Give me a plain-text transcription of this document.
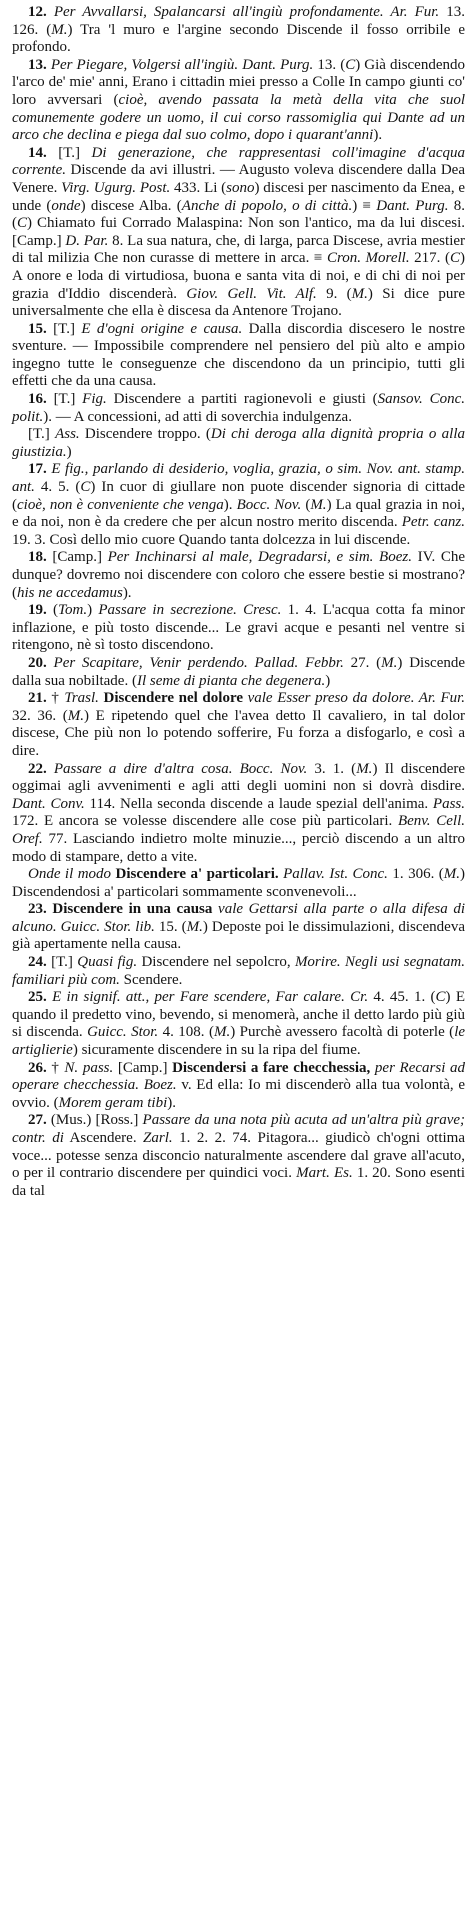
12. Per Avvallarsi, Spalancarsi all'ingiù profondamente. Ar. Fur. 13. 126. (M.) Tra 'l muro e l'argine secondo Discende il fosso orribile e profondo.

13. Per Piegare, Volgersi all'ingiù. Dant. Purg. 13. (C) Già discendendo l'arco de' mie' anni, Erano i cittadin miei presso a Colle In campo giunti co' loro avversari (cioè, avendo passata la metà della vita che suol comunemente godere un uomo, il cui corso rassomiglia qui Dante ad un arco che declina e piega dal suo colmo, dopo i quarant'anni).

14. [T.] Di generazione, che rappresentasi coll'imagine d'acqua corrente. Discende da avi illustri. — Augusto voleva discendere dalla Dea Venere. Virg. Ugurg. Post. 433. Li (sono) discesi per nascimento da Enea, e unde (onde) discese Alba. (Anche di popolo, o di città.) ≡ Dant. Purg. 8. (C) Chiamato fui Corrado Malaspina: Non son l'antico, ma da lui discesi. [Camp.] D. Par. 8. La sua natura, che, di larga, parca Discese, avria mestier di tal milizia Che non curasse di mettere in arca. ≡ Cron. Morell. 217. (C) A onore e loda di virtudiosa, buona e santa vita di noi, e di chi di noi per grazia d'Iddio discenderà. Giov. Gell. Vit. Alf. 9. (M.) Si dice pure universalmente che ella è discesa da Antenore Trojano.

15. [T.] E d'ogni origine e causa. Dalla discordia discesero le nostre sventure. — Impossibile comprendere nel pensiero del più alto e ampio ingegno tutte le conseguenze che discendono da un principio, tutti gli effetti che da una causa.

16. [T.] Fig. Discendere a partiti ragionevoli e giusti (Sansov. Conc. polit.). — A concessioni, ad atti di soverchia indulgenza.

[T.] Ass. Discendere troppo. (Di chi deroga alla dignità propria o alla giustizia.)

17. E fig., parlando di desiderio, voglia, grazia, o sim. Nov. ant. stamp. ant. 4. 5. (C) In cuor di giullare non puote discender signoria di cittade (cioè, non è conveniente che venga). Bocc. Nov. (M.) La qual grazia in noi, e da noi, non è da credere che per alcun nostro merito discenda. Petr. canz. 19. 3. Così dello mio cuore Quando tanta dolcezza in lui discende.

18. [Camp.] Per Inchinarsi al male, Degradarsi, e sim. Boez. IV. Che dunque? dovremo noi discendere con coloro che essere bestie si mostrano? (his ne accedamus).

19. (Tom.) Passare in secrezione. Cresc. 1. 4. L'acqua cotta fa minor inflazione, e più tosto discende... Le gravi acque e pesanti nel ventre si ritengono, nè sì tosto discendono.

20. Per Scapitare, Venir perdendo. Pallad. Febbr. 27. (M.) Discende dalla sua nobiltade. (Il seme di pianta che degenera.)

21. † Trasl. Discendere nel dolore vale Esser preso da dolore. Ar. Fur. 32. 36. (M.) E ripetendo quel che l'avea detto Il cavaliero, in tal dolor discese, Che più non lo potendo sofferire, Fu forza a disfogarlo, e così a dire.

22. Passare a dire d'altra cosa. Bocc. Nov. 3. 1. (M.) Il discendere oggimai agli avvenimenti e agli atti degli uomini non si dovrà disdire. Dant. Conv. 114. Nella seconda discende a laude spezial dell'anima. Pass. 172. E ancora se volesse discendere alle cose più particolari. Benv. Cell. Oref. 77. Lasciando indietro molte minuzie..., perciò discendo a un altro modo di stampare, detto a vite.

Onde il modo Discendere a' particolari. Pallav. Ist. Conc. 1. 306. (M.) Discendendosi a' particolari sommamente sconvenevoli...

23. Discendere in una causa vale Gettarsi alla parte o alla difesa di alcuno. Guicc. Stor. lib. 15. (M.) Deposte poi le dissimulazioni, discendeva già apertamente nella causa.

24. [T.] Quasi fig. Discendere nel sepolcro, Morire. Negli usi segnatam. familiari più com. Scendere.

25. E in signif. att., per Fare scendere, Far calare. Cr. 4. 45. 1. (C) E quando il predetto vino, bevendo, si menomerà, anche il detto lardo più giù si discenda. Guicc. Stor. 4. 108. (M.) Purchè avessero facoltà di poterle (le artiglierie) sicuramente discendere in su la ripa del fiume.

26. † N. pass. [Camp.] Discendersi a fare checchessia, per Recarsi ad operare checchessia. Boez. v. Ed ella: Io mi discenderò alla tua volontà, e ovvio. (Morem geram tibi).

27. (Mus.) [Ross.] Passare da una nota più acuta ad un'altra più grave; contr. di Ascendere. Zarl. 1. 2. 2. 74. Pitagora... giudicò ch'ogni ottima voce... potesse senza disconcio naturalmente ascendere dal grave all'acuto, o per il contrario discendere per quindici voci. Mart. Es. 1. 20. Sono esenti da tal
